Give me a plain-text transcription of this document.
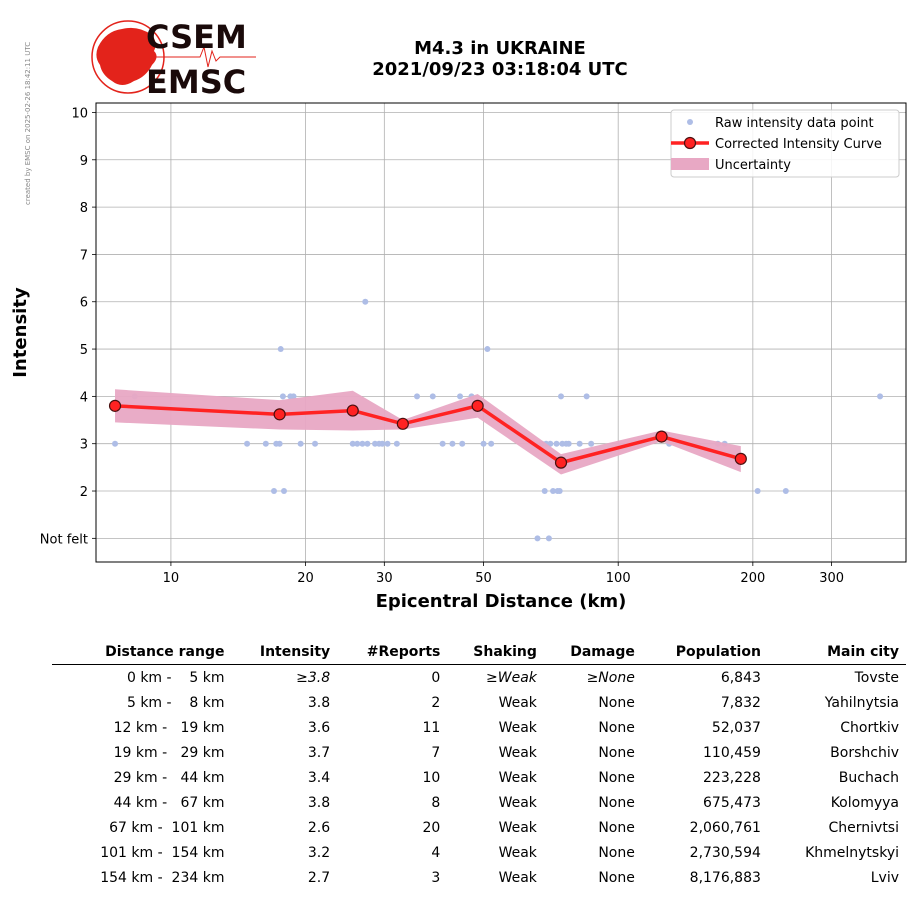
created by EMSC on 2025-02-26 18:42:11 UTC
CSEM
EMSC
M4.3 in UKRAINE
2021/09/23 03:18:04 UTC
10	20	30	50	100	200	300
Not felt
2
3
4
5
6
7
8
9
10
Epicentral Distance (km)
Intensity
Raw intensity data point
Corrected Intensity Curve
Uncertainty
Distance range	Intensity	#Reports	Shaking	Damage	Population	Main city
0 km -    5 km	≥3.8	0	≥Weak	≥None	6,843	Tovste
5 km -    8 km	3.8	2	Weak	None	7,832	Yahilnytsia
12 km -   19 km	3.6	11	Weak	None	52,037	Chortkiv
19 km -   29 km	3.7	7	Weak	None	110,459	Borshchiv
29 km -   44 km	3.4	10	Weak	None	223,228	Buchach
44 km -   67 km	3.8	8	Weak	None	675,473	Kolomyya
67 km -  101 km	2.6	20	Weak	None	2,060,761	Chernivtsi
101 km -  154 km	3.2	4	Weak	None	2,730,594	Khmelnytskyi
154 km -  234 km	2.7	3	Weak	None	8,176,883	Lviv
